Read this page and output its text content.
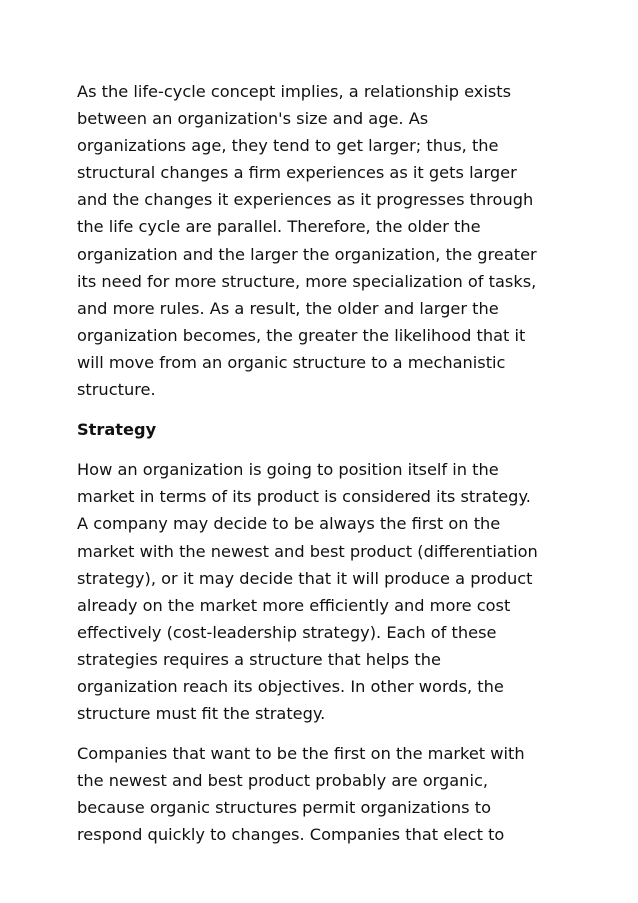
As the life-cycle concept implies, a relationship exists
between an organization's size and age. As
organizations age, they tend to get larger; thus, the
structural changes a firm experiences as it gets larger
and the changes it experiences as it progresses through
the life cycle are parallel. Therefore, the older the
organization and the larger the organization, the greater
its need for more structure, more specialization of tasks,
and more rules. As a result, the older and larger the
organization becomes, the greater the likelihood that it
will move from an organic structure to a mechanistic
structure.

Strategy

How an organization is going to position itself in the
market in terms of its product is considered its strategy.
A company may decide to be always the first on the
market with the newest and best product (differentiation
strategy), or it may decide that it will produce a product
already on the market more efficiently and more cost
effectively (cost-leadership strategy). Each of these
strategies requires a structure that helps the
organization reach its objectives. In other words, the
structure must fit the strategy.

Companies that want to be the first on the market with
the newest and best product probably are organic,
because organic structures permit organizations to
respond quickly to changes. Companies that elect to
